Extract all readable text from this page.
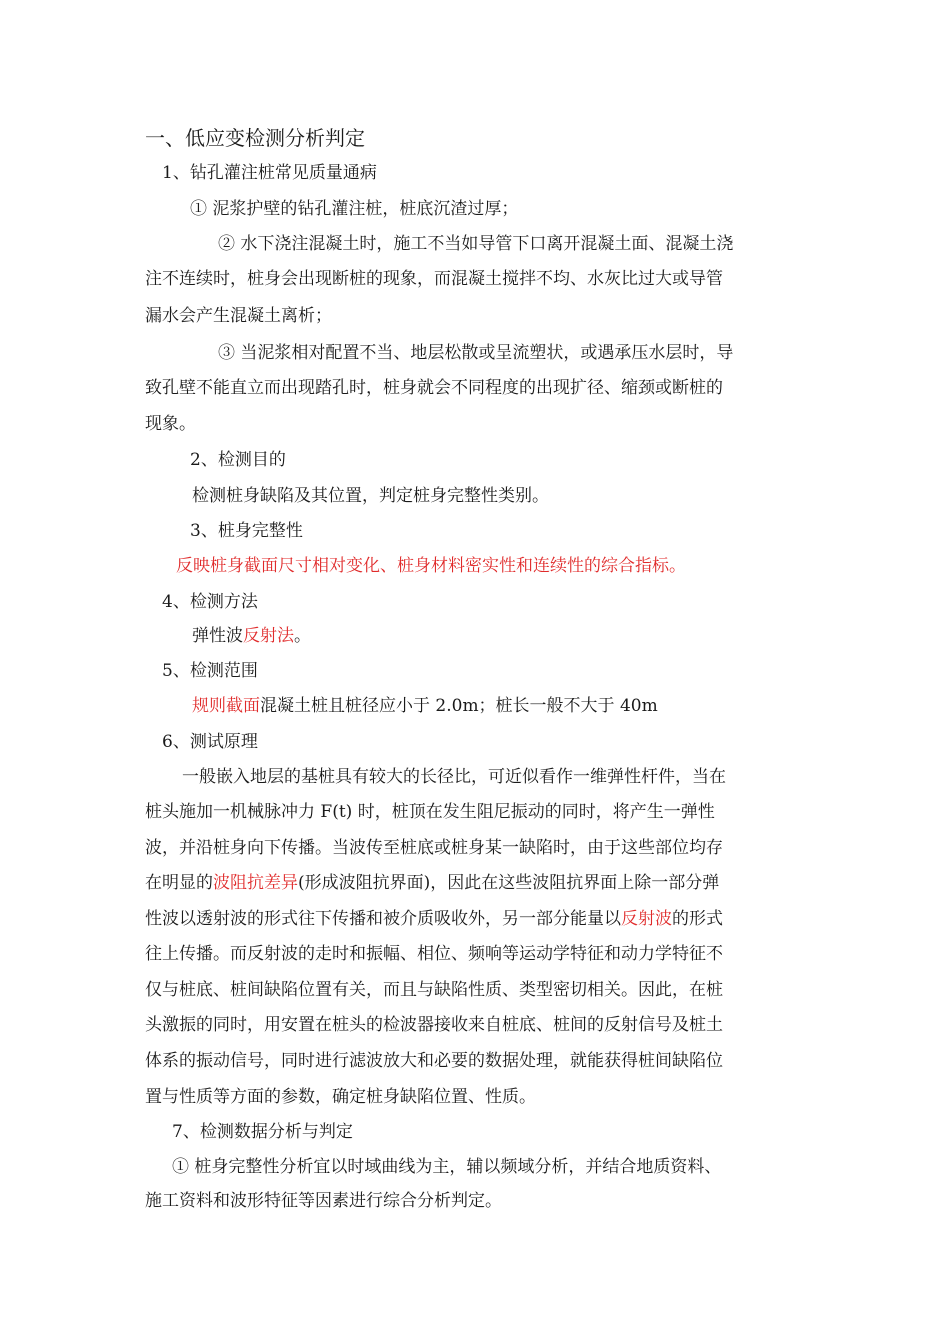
一、低应变检测分析判定
1、钻孔灌注桩常见质量通病
① 泥浆护壁的钻孔灌注桩，桩底沉渣过厚；
② 水下浇注混凝土时，施工不当如导管下口离开混凝土面、混凝土浇
注不连续时，桩身会出现断桩的现象，而混凝土搅拌不均、水灰比过大或导管
漏水会产生混凝土离析；
③ 当泥浆相对配置不当、地层松散或呈流塑状，或遇承压水层时，导
致孔壁不能直立而出现踏孔时，桩身就会不同程度的出现扩径、缩颈或断桩的
现象。
2、检测目的
检测桩身缺陷及其位置，判定桩身完整性类别。
3、桩身完整性
反映桩身截面尺寸相对变化、桩身材料密实性和连续性的综合指标。
4、检测方法
弹性波反射法。
5、检测范围
规则截面混凝土桩且桩径应小于 2.0m；桩长一般不大于 40m
6、测试原理
一般嵌入地层的基桩具有较大的长径比，可近似看作一维弹性杆件，当在
桩头施加一机械脉冲力 F(t) 时，桩顶在发生阻尼振动的同时，将产生一弹性
波，并沿桩身向下传播。当波传至桩底或桩身某一缺陷时，由于这些部位均存
在明显的波阻抗差异(形成波阻抗界面)，因此在这些波阻抗界面上除一部分弹
性波以透射波的形式往下传播和被介质吸收外，另一部分能量以反射波的形式
往上传播。而反射波的走时和振幅、相位、频响等运动学特征和动力学特征不
仅与桩底、桩间缺陷位置有关，而且与缺陷性质、类型密切相关。因此，在桩
头激振的同时，用安置在桩头的检波器接收来自桩底、桩间的反射信号及桩土
体系的振动信号，同时进行滤波放大和必要的数据处理，就能获得桩间缺陷位
置与性质等方面的参数，确定桩身缺陷位置、性质。
7、检测数据分析与判定
① 桩身完整性分析宜以时域曲线为主，辅以频域分析，并结合地质资料、
施工资料和波形特征等因素进行综合分析判定。
